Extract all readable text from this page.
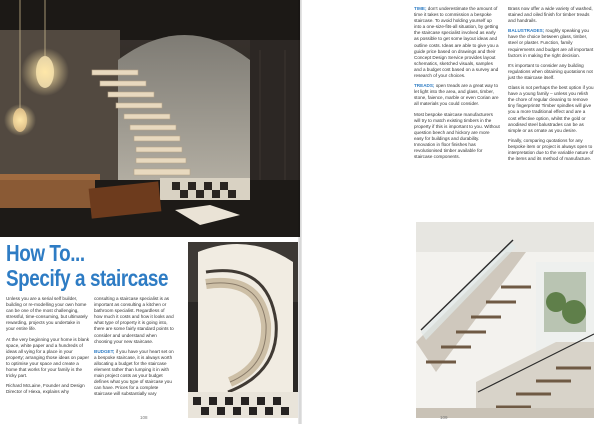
How To...
Specify a staircase

Unless you are a serial self builder, building or re-modelling your own home can be one of the most challenging, stressful, time-consuming, but ultimately rewarding, projects you undertake in your entire life.

At the very beginning your home is blank space, white paper and a hundreds of ideas all vying for a place in your property; arranging those ideas on paper to optimise your space and create a home that works for your family is the tricky part.

Richard McLaine, Founder and Design Director of Hiexa, explains why

consulting a staircase specialist is as important as consulting a kitchen or bathroom specialist. Regardless of how much it costs and how it looks and what type of property it is going into, there are some fairly standard points to consider and understand when choosing your new staircase.

BUDGET; if you have your heart set on a bespoke staircase, it is always worth allocating a budget for the staircase element rather than lumping it in with main project costs as your budget defines what you type of staircase you can have. Prices for a complete staircase will substantially vary

108

TIME; don't underestimate the amount of time it takes to commission a bespoke staircase. To avoid holding yourself up into a one-size-fits-all situation, by getting the staircase specialist involved as early as possible to get some layout ideas and outline costs. Ideas are able to give you a guide price based on drawings and their Concept Design Service provides layout schematics, sketched visuals, samples and a budget cost based on a survey and research of your choices.

TREADS; open treads are a great way to let light into the area, and glass, timber, stone, faience, marble or even Corian are all materials you could consider.

Most bespoke staircase manufacturers will try to match existing timbers in the property if this is important to you. Without question beech and hickory are more easy for buildings and durability. Innovation in floor finishes has revolutionised timber available for staircase components.

Brass now offer a wide variety of washed, stained and oiled finish for timber treads and handrails.

BALUSTRADES; roughly speaking you have the choice between glass, timber, steel or plaster. Function, family requirements and budget are all important factors in making the right decision.

It's important to consider any building regulations when obtaining quotations not just the staircase itself.

Glass is not perhaps the best option if you have a young family – unless you relish the chore of regular cleaning to remove tiny fingerprints! Timber spindles will give you a more traditional effect and are a cost effective option, whilst the gold or anodised steel balustrades can be as simple or as ornate as you desire.

Finally, comparing quotations for any bespoke item or project is always open to interpretation due to the variable nature of the items and its method of manufacture.

109
